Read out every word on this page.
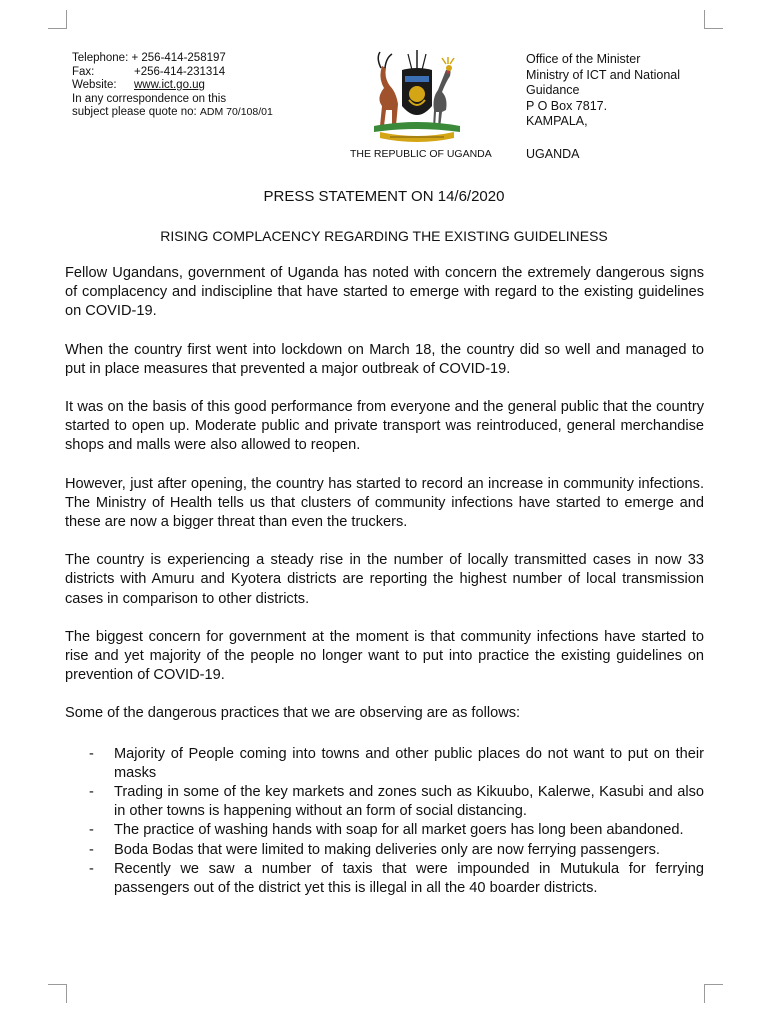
Telephone: + 256-414-258197
Fax:	+256-414-231314
Website: www.ict.go.ug
In any correspondence on this
subject please quote no: ADM 70/108/01
THE REPUBLIC OF UGANDA
Office of the Minister
Ministry of ICT and National
Guidance
P O Box 7817.
KAMPALA,
UGANDA
PRESS STATEMENT ON 14/6/2020
RISING COMPLACENCY REGARDING THE EXISTING GUIDELINESS

Fellow Ugandans, government of Uganda has noted with concern the extremely dangerous signs of complacency and indiscipline that have started to emerge with regard to the existing guidelines on COVID-19.

When the country first went into lockdown on March 18, the country did so well and managed to put in place measures that prevented a major outbreak of COVID-19.

It was on the basis of this good performance from everyone and the general public that the country started to open up. Moderate public and private transport was reintroduced, general merchandise shops and malls were also allowed to reopen.

However, just after opening, the country has started to record an increase in community infections. The Ministry of Health tells us that clusters of community infections have started to emerge and these are now a bigger threat than even the truckers.

The country is experiencing a steady rise in the number of locally transmitted cases in now 33 districts with Amuru and Kyotera districts are reporting the highest number of local transmission cases in comparison to other districts.

The biggest concern for government at the moment is that community infections have started to rise and yet majority of the people no longer want to put into practice the existing guidelines on prevention of COVID-19.

Some of the dangerous practices that we are observing are as follows:

- Majority of People coming into towns and other public places do not want to put on their masks
- Trading in some of the key markets and zones such as Kikuubo, Kalerwe, Kasubi and also in other towns is happening without an form of social distancing.
- The practice of washing hands with soap for all market goers has long been abandoned.
- Boda Bodas that were limited to making deliveries only are now ferrying passengers.
- Recently we saw a number of taxis that were impounded in Mutukula for ferrying passengers out of the district yet this is illegal in all the 40 boarder districts.
